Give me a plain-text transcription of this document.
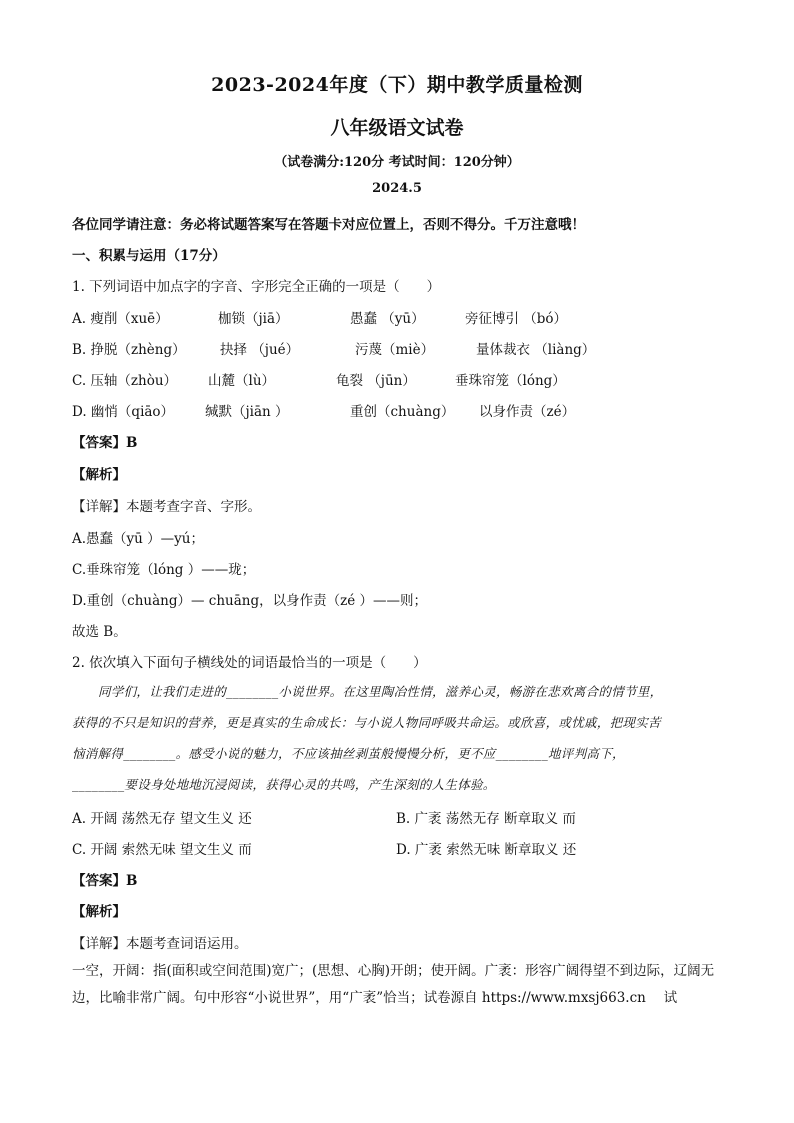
2023-2024年度（下）期中教学质量检测
八年级语文试卷
（试卷满分:120分 考试时间：120分钟）
2024.5
各位同学请注意：务必将试题答案写在答题卡对应位置上，否则不得分。千万注意哦！
一、积累与运用（17分）
1. 下列词语中加点字的字音、字形完全正确的一项是（　　）
A. 瘦削（xuē）	枷锁（jiā）	愚蠢 （yū）	旁征博引 （bó）
B. 挣脱（zhèng）	抉择 （jué）	污蔑（miè）	量体裁衣 （liàng）
C. 压轴（zhòu） 山麓（lù）	龟裂 （jūn）	垂珠帘笼（lóng）
D. 幽悄（qiāo） 缄默（jiān ）	重创（chuàng） 以身作责（zé）
【答案】B
【解析】
【详解】本题考查字音、字形。
A.愚蠢（yū ）—yú；
C.垂珠帘笼（lóng ）——珑；
D.重创（chuàng）— chuāng，以身作责（zé ）——则；
故选 B。
2. 依次填入下面句子横线处的词语最恰当的一项是（　　）
同学们，让我们走进的________小说世界。在这里陶冶性情，滋养心灵，畅游在悲欢离合的情节里，
获得的不只是知识的营养，更是真实的生命成长：与小说人物同呼吸共命运。或欣喜，或忧戚，把现实苦
恼消解得________。感受小说的魅力，不应该抽丝剥茧般慢慢分析，更不应________地评判高下，
________要设身处地地沉浸阅读，获得心灵的共鸣，产生深刻的人生体验。
A. 开阔 荡然无存 望文生义 还	B. 广袤 荡然无存 断章取义 而
C. 开阔 索然无味 望文生义 而	D. 广袤 索然无味 断章取义 还
【答案】B
【解析】
【详解】本题考查词语运用。
一空，开阔：指(面积或空间范围)宽广；(思想、心胸)开朗；使开阔。广袤：形容广阔得望不到边际，辽阔无边，比喻非常广阔。句中形容“小说世界”，用“广袤”恰当；试卷源自 https://www.mxsj663.cn　 试
